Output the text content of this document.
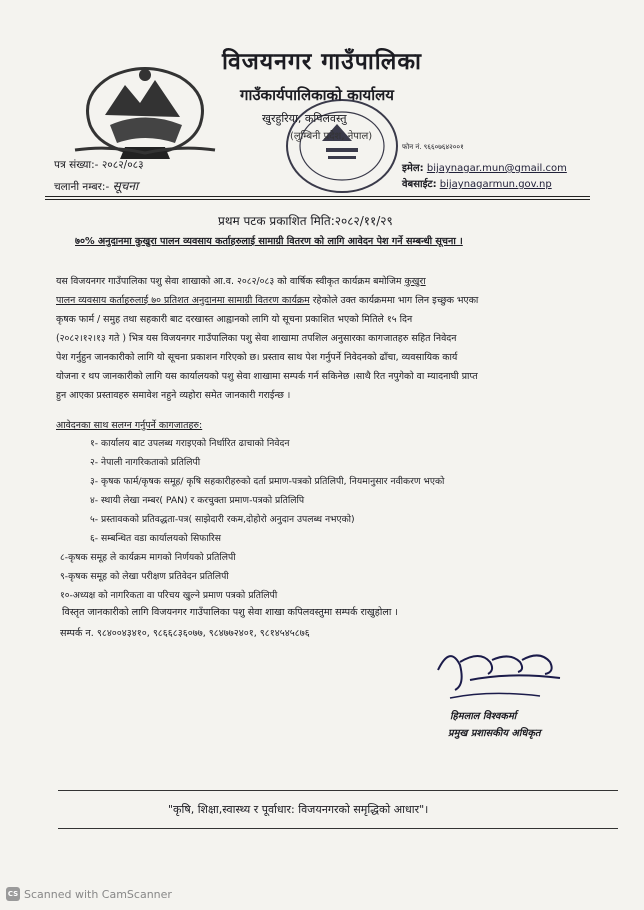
विजयनगर गाउँपालिका
गाउँकार्यपालिकाको कार्यालय
खुरहुरिया, कपिलवस्तु
(लुम्बिनी प्रदेश, नेपाल)
फोन नं. ९६६०७६४२००१
इमेल: bijaynagar.mun@gmail.com
वेबसाईट: bijaynagarmun.gov.np
पत्र संख्या:- २०८२/०८३
चलानी नम्बर:- सूचना
प्रथम पटक प्रकाशित मिति:२०८२/११/२९
७०% अनुदानमा कुखुरा पालन व्यवसाय कर्ताहरुलाई सामाग्री वितरण को लागि आवेदन पेश गर्ने सम्बन्धी सूचना ।
यस विजयनगर गाउँपालिका पशु सेवा शाखाको आ.व. २०८२/०८३ को वार्षिक स्वीकृत कार्यक्रम बमोजिम कुखुरा
पालन व्यवसाय कर्ताहरुलाई ७० प्रतिशत अनुदानमा सामाग्री वितरण कार्यक्रम रहेकोले उक्त कार्यक्रममा भाग लिन इच्छुक भएका
कृषक फार्म / समुह तथा सहकारी बाट दरखास्त आह्वानको लागि यो सूचना प्रकाशित भएको मितिले १५ दिन
(२०८२।१२।१३ गते ) भित्र यस विजयनगर गाउँपालिका पशु सेवा शाखामा तपशिल अनुसारका कागजातहरु सहित निवेदन
पेश गर्नुहुन जानकारीको लागि यो सूचना प्रकाशन गरिएको छ। प्रस्ताव साथ पेश गर्नुपर्ने निवेदनको ढाँचा, व्यवसायिक कार्य
योजना र थप जानकारीको लागि यस कार्यालयको पशु सेवा शाखामा सम्पर्क गर्न सकिनेछ ।साथै रित नपुगेको वा म्यादनाघी प्राप्त
हुन आएका प्रस्तावहरु समावेश नहुने व्यहोरा समेत जानकारी गराईन्छ ।
आवेदनका साथ सलग्न गर्नुपर्ने कागजातहरु:
१- कार्यालय बाट उपलब्ध गराइएको निर्धारित ढाचाको निवेदन
२- नेपाली नागरिकताको प्रतिलिपी
३- कृषक फार्म/कृषक समूह/ कृषि सहकारीहरुको दर्ता प्रमाण-पत्रको प्रतिलिपी, नियमानुसार नवीकरण भएको
४- स्थायी लेखा नम्बर( PAN) र करचुक्ता प्रमाण-पत्रको प्रतिलिपि
५- प्रस्तावकको प्रतिवद्धता-पत्र( साझेदारी रकम,दोहोरो अनुदान उपलब्ध नभएको)
६- सम्बन्धित वडा कार्यालयको सिफारिस
८-कृषक समूह ले कार्यक्रम मागको निर्णयको प्रतिलिपी
९-कृषक समूह को लेखा परीक्षण प्रतिवेदन प्रतिलिपी
१०-अध्यक्ष को नागरिकता वा परिचय खुल्ने प्रमाण पत्रको प्रतिलिपी
विस्तृत जानकारीको लागि विजयनगर गाउँपालिका पशु सेवा शाखा कपिलवस्तुमा सम्पर्क राखुहोला ।
सम्पर्क न. ९८४००४३४१०, ९८६६८३६०७७, ९८४७७२४०१, ९८१४५४५८७६
हिमलाल विश्वकर्मा
प्रमुख प्रशासकीय अधिकृत
"कृषि, शिक्षा,स्वास्थ्य र पूर्वाधार: विजयनगरको समृद्धिको आधार"।
CS Scanned with CamScanner
